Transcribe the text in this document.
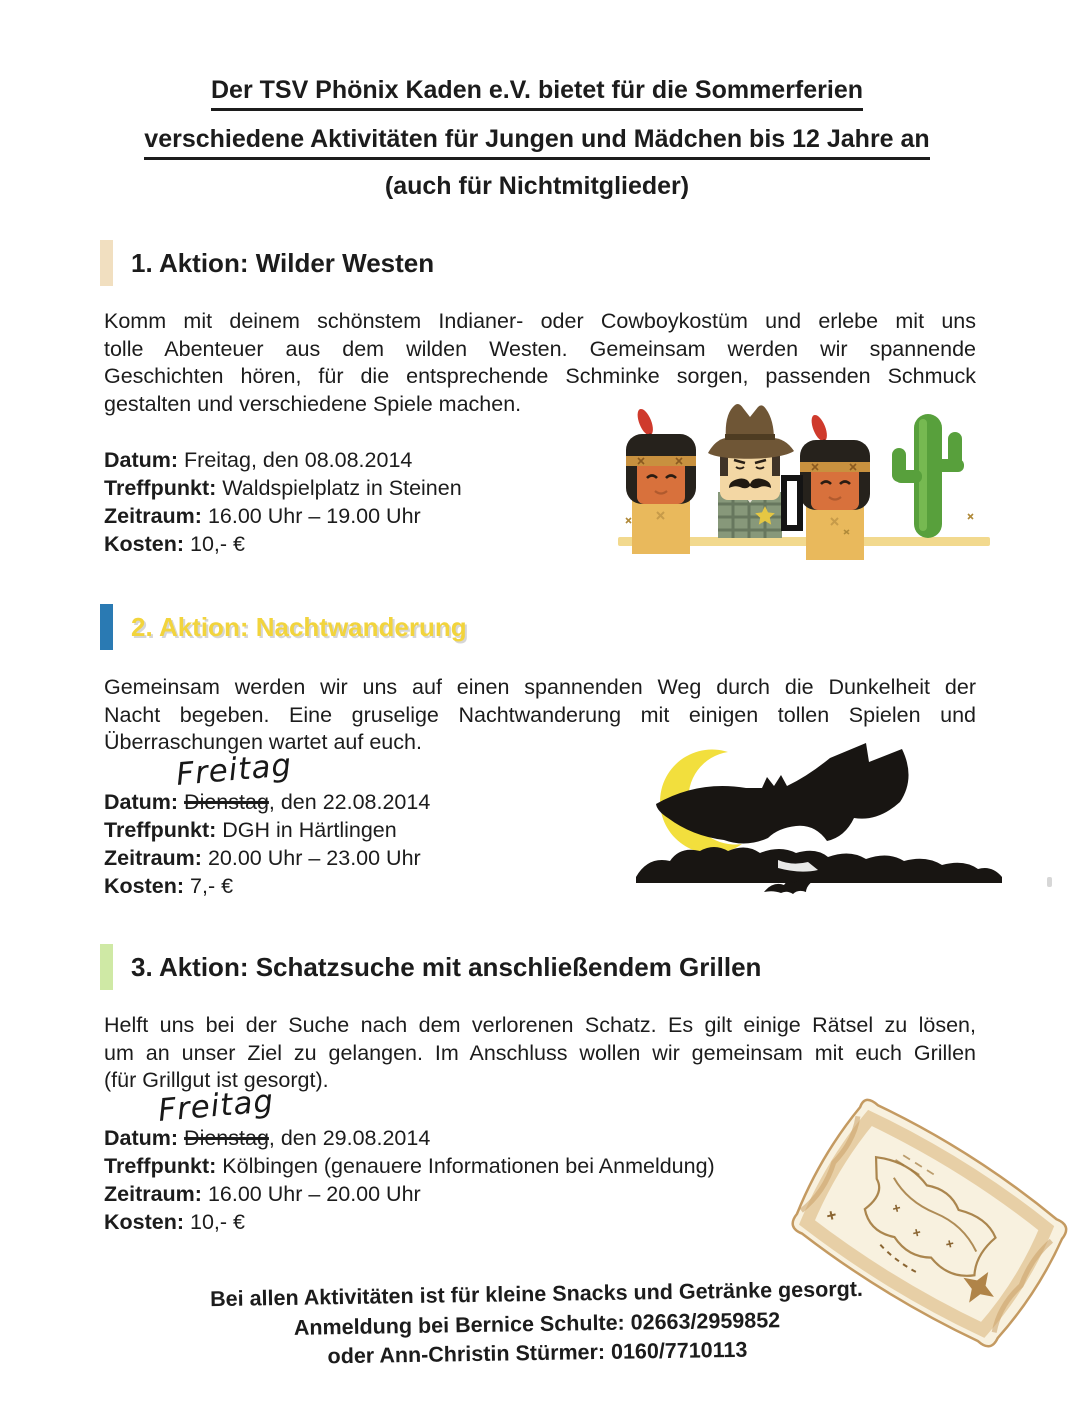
Der TSV Phönix Kaden e.V. bietet für die Sommerferien
verschiedene Aktivitäten für Jungen und Mädchen bis 12 Jahre an
(auch für Nichtmitglieder)
1. Aktion: Wilder Westen
Komm mit deinem schönstem Indianer- oder Cowboykostüm und erlebe mit uns
tolle Abenteuer aus dem wilden Westen. Gemeinsam werden wir spannende
Geschichten hören, für die entsprechende Schminke sorgen, passenden Schmuck
gestalten und verschiedene Spiele machen.
Datum: Freitag, den 08.08.2014
Treffpunkt: Waldspielplatz in Steinen
Zeitraum: 16.00 Uhr – 19.00 Uhr
Kosten: 10,- €
2. Aktion: Nachtwanderung
Gemeinsam werden wir uns auf einen spannenden Weg durch die Dunkelheit der
Nacht begeben. Eine gruselige Nachtwanderung mit einigen tollen Spielen und
Überraschungen wartet auf euch.
Freitag
Datum: Dienstag, den 22.08.2014
Treffpunkt: DGH in Härtlingen
Zeitraum: 20.00 Uhr – 23.00 Uhr
Kosten: 7,- €
3. Aktion: Schatzsuche mit anschließendem Grillen
Helft uns bei der Suche nach dem verlorenen Schatz. Es gilt einige Rätsel zu lösen,
um an unser Ziel zu gelangen. Im Anschluss wollen wir gemeinsam mit euch Grillen
(für Grillgut ist gesorgt).
Freitag
Datum: Dienstag, den 29.08.2014
Treffpunkt: Kölbingen (genauere Informationen bei Anmeldung)
Zeitraum: 16.00 Uhr – 20.00 Uhr
Kosten: 10,- €
Bei allen Aktivitäten ist für kleine Snacks und Getränke gesorgt.
Anmeldung bei Bernice Schulte: 02663/2959852
oder Ann-Christin Stürmer: 0160/7710113
